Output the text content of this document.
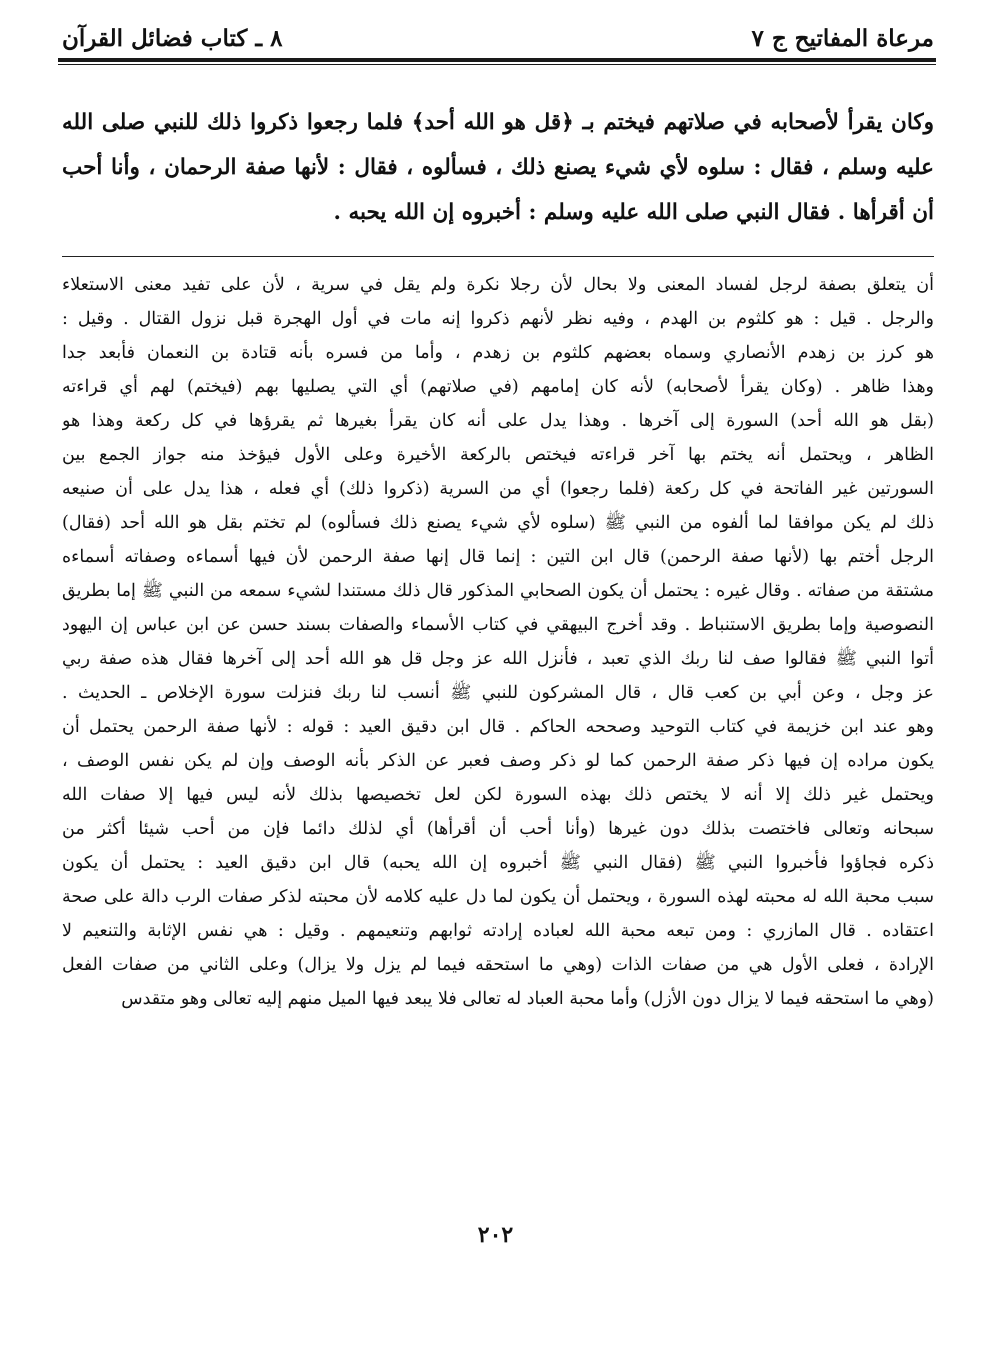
مرعاة المفاتيح ج ٧
٨ ـ كتاب فضائل القرآن

وكان يقرأ لأصحابه في صلاتهم فيختم بـ ﴿قل هو الله أحد﴾ فلما رجعوا ذكروا ذلك للنبي صلى الله عليه وسلم ، فقال : سلوه لأي شيء يصنع ذلك ، فسألوه ، فقال : لأنها صفة الرحمان ، وأنا أحب أن أقرأها . فقال النبي صلى الله عليه وسلم : أخبروه إن الله يحبه .

أن يتعلق بصفة لرجل لفساد المعنى ولا بحال لأن رجلا نكرة ولم يقل في سرية ، لأن على تفيد معنى الاستعلاء
والرجل . قيل : هو كلثوم بن الهدم ، وفيه نظر لأنهم ذكروا إنه مات في أول الهجرة قبل نزول القتال . وقيل :
هو كرز بن زهدم الأنصاري وسماه بعضهم كلثوم بن زهدم ، وأما من فسره بأنه قتادة بن النعمان فأبعد جدا
وهذا ظاهر . (وكان يقرأ لأصحابه) لأنه كان إمامهم (في صلاتهم) أي التي يصليها بهم (فيختم) لهم أي قراءته
(بقل هو الله أحد) السورة إلى آخرها . وهذا يدل على أنه كان يقرأ بغيرها ثم يقرؤها في كل ركعة وهذا هو
الظاهر ، ويحتمل أنه يختم بها آخر قراءته فيختص بالركعة الأخيرة وعلى الأول فيؤخذ منه جواز الجمع بين
السورتين غير الفاتحة في كل ركعة (فلما رجعوا) أي من السرية (ذكروا ذلك) أي فعله ، هذا يدل على أن صنيعه
ذلك لم يكن موافقا لما ألفوه من النبي ﷺ (سلوه لأي شيء يصنع ذلك فسألوه) لم تختم بقل هو الله أحد (فقال)
الرجل أختم بها (لأنها صفة الرحمن) قال ابن التين : إنما قال إنها صفة الرحمن لأن فيها أسماءه وصفاته أسماءه
مشتقة من صفاته . وقال غيره : يحتمل أن يكون الصحابي المذكور قال ذلك مستندا لشيء سمعه من النبي ﷺ إما بطريق
النصوصية وإما بطريق الاستنباط . وقد أخرج البيهقي في كتاب الأسماء والصفات بسند حسن عن ابن عباس إن اليهود
أتوا النبي ﷺ فقالوا صف لنا ربك الذي تعبد ، فأنزل الله عز وجل قل هو الله أحد إلى آخرها فقال هذه صفة ربي
عز وجل ، وعن أبي بن كعب قال ، قال المشركون للنبي ﷺ أنسب لنا ربك فنزلت سورة الإخلاص ـ الحديث .
وهو عند ابن خزيمة في كتاب التوحيد وصححه الحاكم . قال ابن دقيق العيد : قوله : لأنها صفة الرحمن يحتمل أن
يكون مراده إن فيها ذكر صفة الرحمن كما لو ذكر وصف فعبر عن الذكر بأنه الوصف وإن لم يكن نفس الوصف ،
ويحتمل غير ذلك إلا أنه لا يختص ذلك بهذه السورة لكن لعل تخصيصها بذلك لأنه ليس فيها إلا صفات الله
سبحانه وتعالى فاختصت بذلك دون غيرها (وأنا أحب أن أقرأها) أي لذلك دائما فإن من أحب شيئا أكثر من
ذكره فجاؤوا فأخبروا النبي ﷺ (فقال النبي ﷺ أخبروه إن الله يحبه) قال ابن دقيق العيد : يحتمل أن يكون
سبب محبة الله له محبته لهذه السورة ، ويحتمل أن يكون لما دل عليه كلامه لأن محبته لذكر صفات الرب دالة على صحة
اعتقاده . قال المازري : ومن تبعه محبة الله لعباده إرادته ثوابهم وتنعيمهم . وقيل : هي نفس الإثابة والتنعيم لا
الإرادة ، فعلى الأول هي من صفات الذات (وهي ما استحقه فيما لم يزل ولا يزال) وعلى الثاني من صفات الفعل
(وهي ما استحقه فيما لا يزال دون الأزل) وأما محبة العباد له تعالى فلا يبعد فيها الميل منهم إليه تعالى وهو متقدس
٢٠٢
